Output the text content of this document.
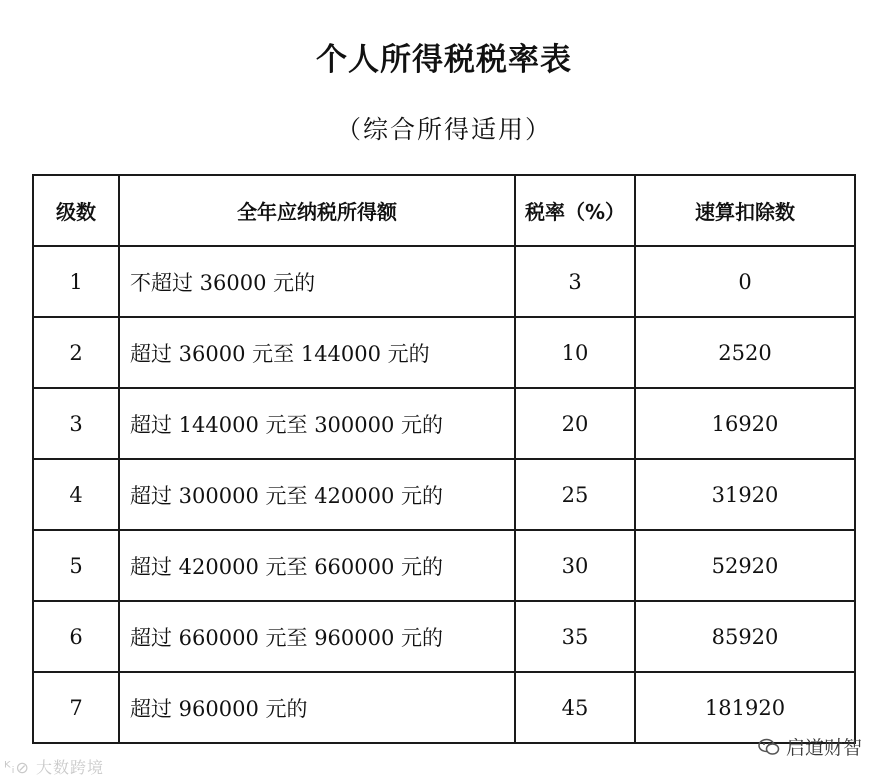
个人所得税税率表
（综合所得适用）
级数	全年应纳税所得额	税率（%）	速算扣除数
1	不超过 36000 元的	3	0
2	超过 36000 元至 144000 元的	10	2520
3	超过 144000 元至 300000 元的	20	16920
4	超过 300000 元至 420000 元的	25	31920
5	超过 420000 元至 660000 元的	30	52920
6	超过 660000 元至 960000 元的	35	85920
7	超过 960000 元的	45	181920
ᴷᵢ⊘ 大数跨境
启道财智
